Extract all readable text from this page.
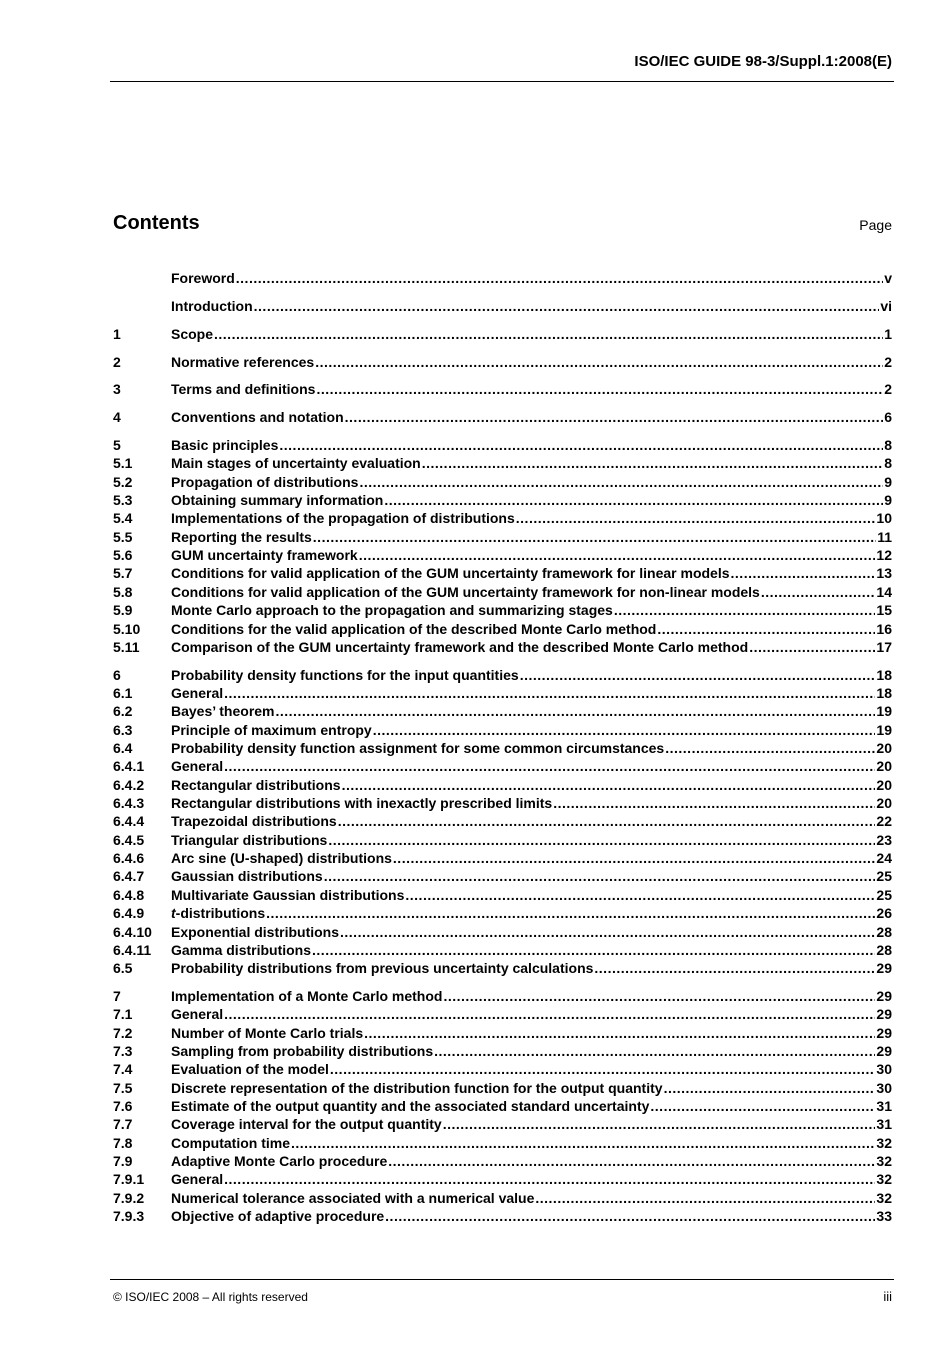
ISO/IEC GUIDE 98-3/Suppl.1:2008(E)
Contents	Page
Foreword .....	v
Introduction .....	vi
1	Scope .....	1
2	Normative references .....	2
3	Terms and definitions .....	2
4	Conventions and notation .....	6
5	Basic principles .....	8
5.1	Main stages of uncertainty evaluation .....	8
5.2	Propagation of distributions .....	9
5.3	Obtaining summary information .....	9
5.4	Implementations of the propagation of distributions .....	10
5.5	Reporting the results .....	11
5.6	GUM uncertainty framework .....	12
5.7	Conditions for valid application of the GUM uncertainty framework for linear models .....	13
5.8	Conditions for valid application of the GUM uncertainty framework for non-linear models .....	14
5.9	Monte Carlo approach to the propagation and summarizing stages .....	15
5.10	Conditions for the valid application of the described Monte Carlo method .....	16
5.11	Comparison of the GUM uncertainty framework and the described Monte Carlo method .....	17
6	Probability density functions for the input quantities .....	18
6.1	General .....	18
6.2	Bayes’ theorem .....	19
6.3	Principle of maximum entropy .....	19
6.4	Probability density function assignment for some common circumstances .....	20
6.4.1	General .....	20
6.4.2	Rectangular distributions .....	20
6.4.3	Rectangular distributions with inexactly prescribed limits .....	20
6.4.4	Trapezoidal distributions .....	22
6.4.5	Triangular distributions .....	23
6.4.6	Arc sine (U-shaped) distributions .....	24
6.4.7	Gaussian distributions .....	25
6.4.8	Multivariate Gaussian distributions .....	25
6.4.9	t-distributions .....	26
6.4.10	Exponential distributions .....	28
6.4.11	Gamma distributions .....	28
6.5	Probability distributions from previous uncertainty calculations .....	29
7	Implementation of a Monte Carlo method .....	29
7.1	General .....	29
7.2	Number of Monte Carlo trials .....	29
7.3	Sampling from probability distributions .....	29
7.4	Evaluation of the model .....	30
7.5	Discrete representation of the distribution function for the output quantity .....	30
7.6	Estimate of the output quantity and the associated standard uncertainty .....	31
7.7	Coverage interval for the output quantity .....	31
7.8	Computation time .....	32
7.9	Adaptive Monte Carlo procedure .....	32
7.9.1	General .....	32
7.9.2	Numerical tolerance associated with a numerical value .....	32
7.9.3	Objective of adaptive procedure .....	33
© ISO/IEC 2008 – All rights reserved	iii
